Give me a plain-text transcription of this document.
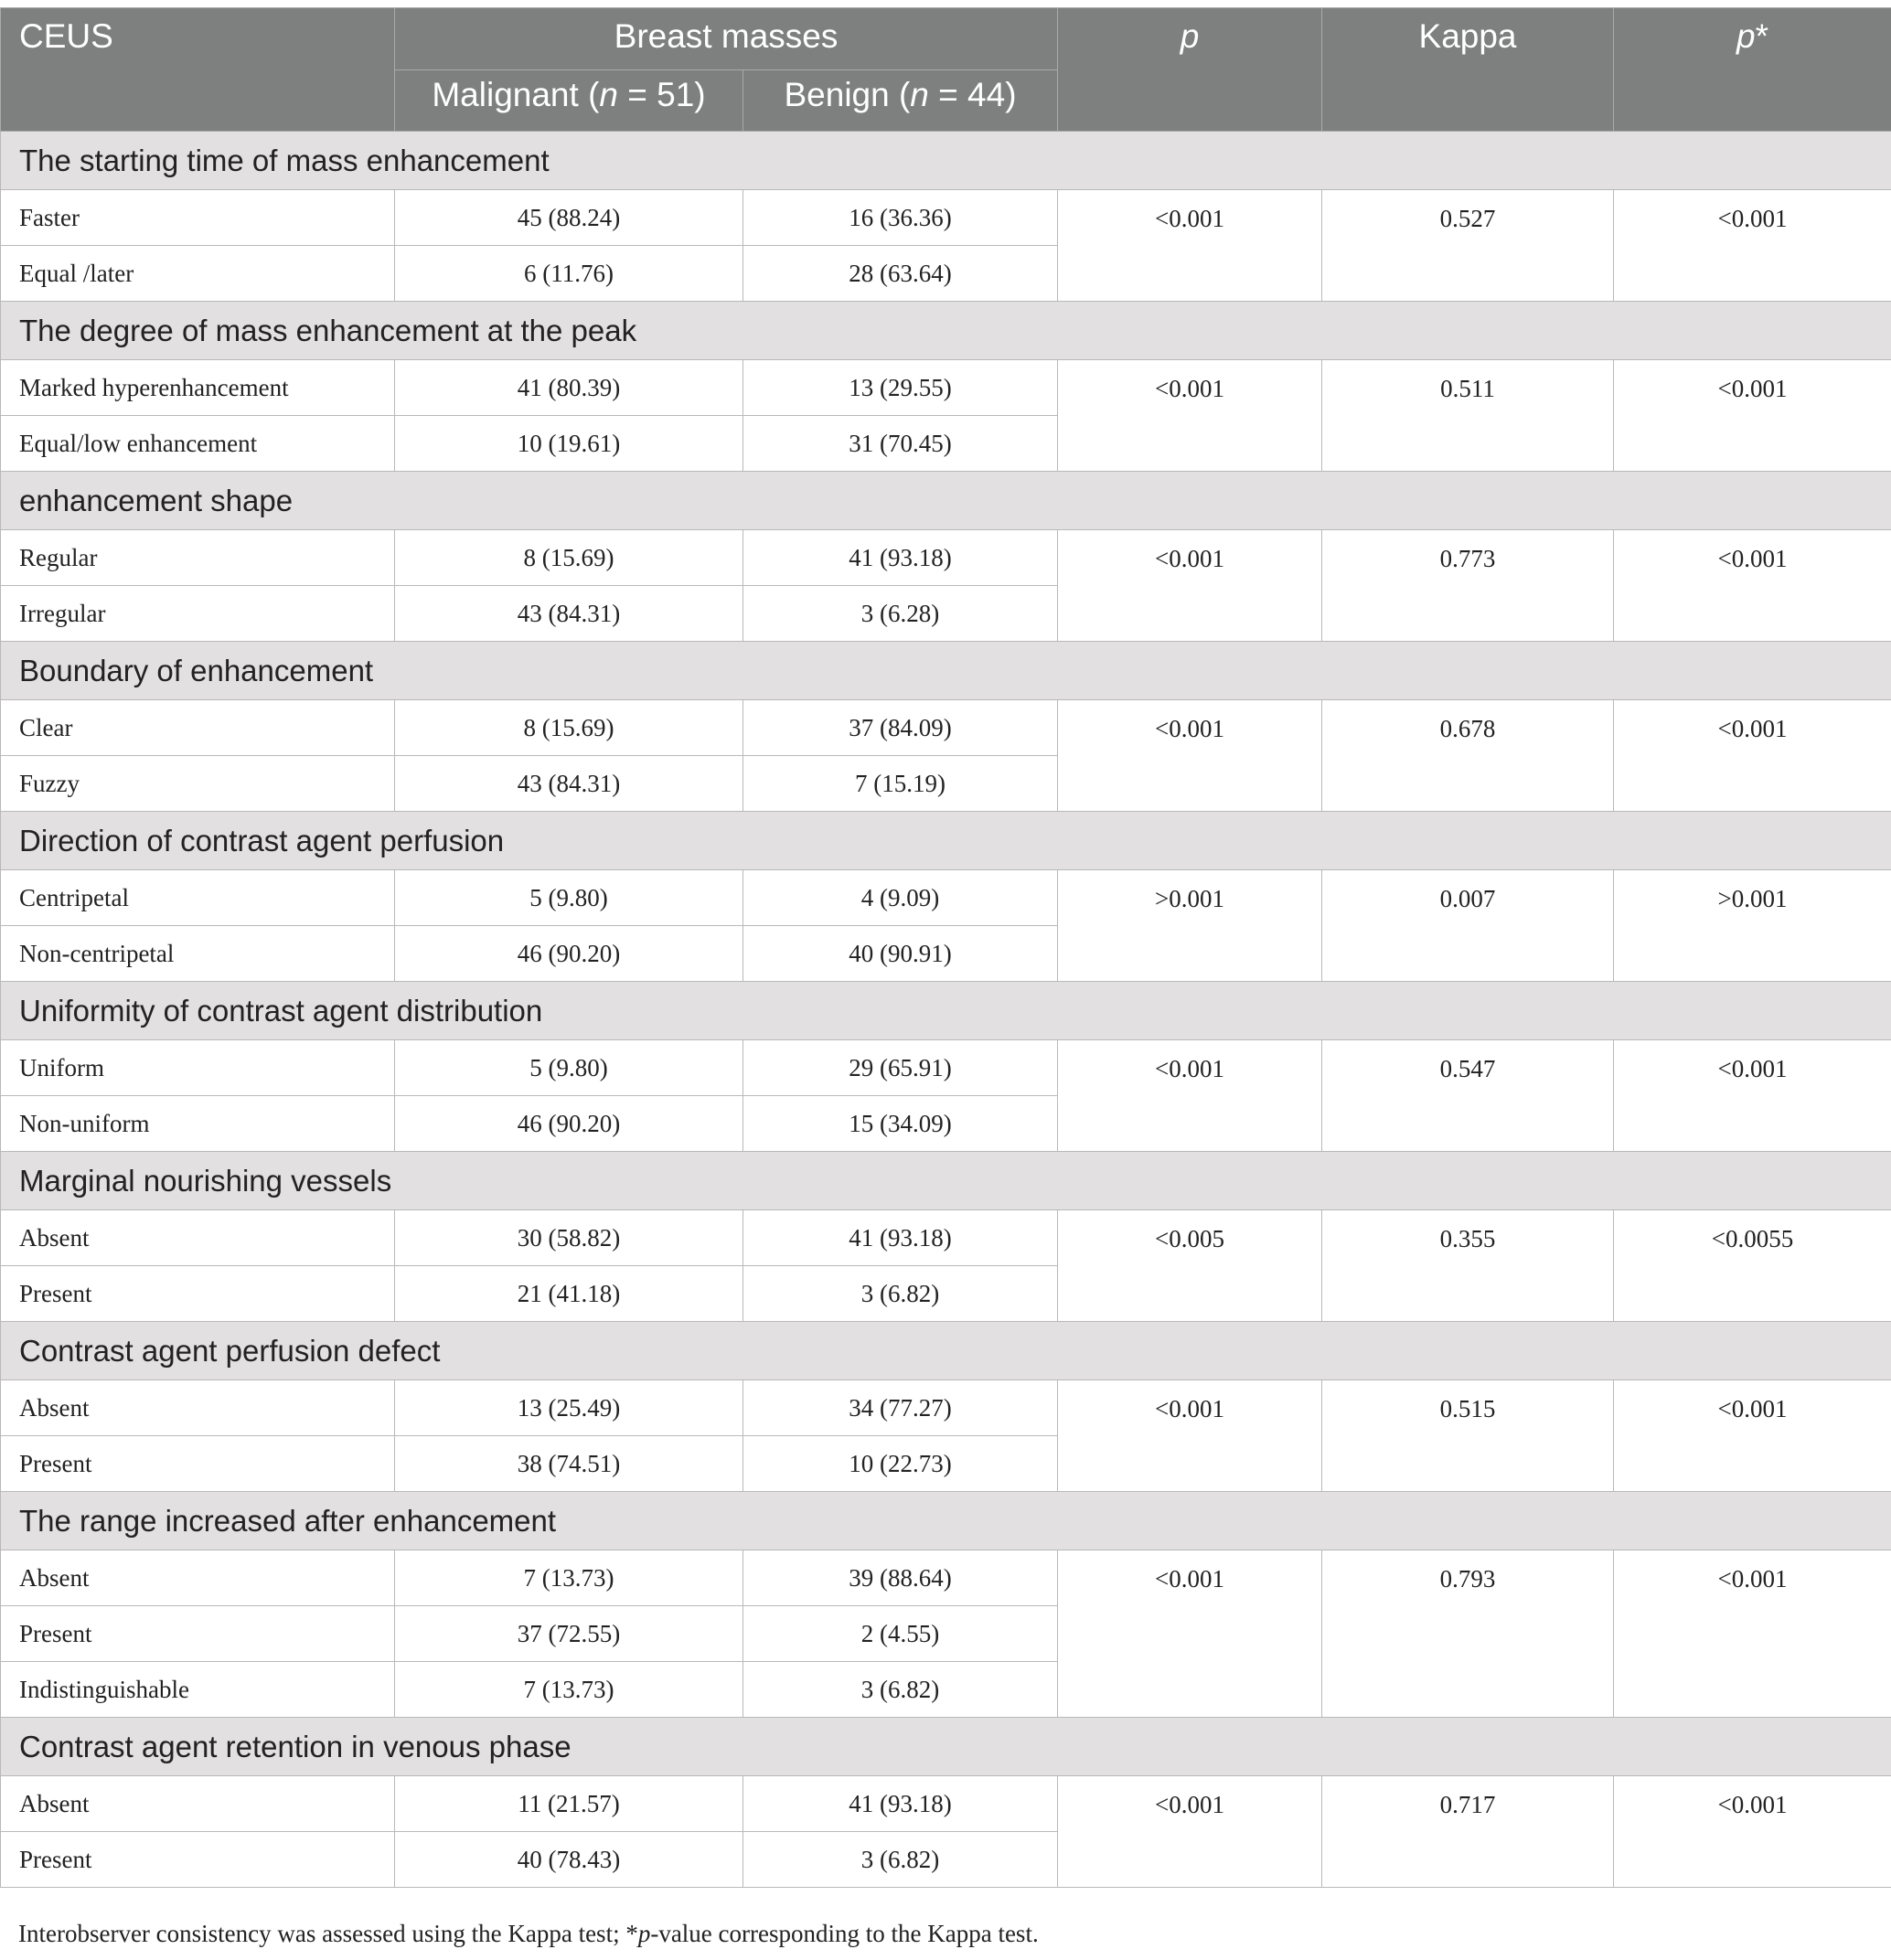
CEUS	Breast masses		p	Kappa	p*
	Malignant (n = 51)	Benign (n = 44)			
The starting time of mass enhancement					
Faster	45 (88.24)	16 (36.36)	<0.001	0.527	<0.001
Equal /later	6 (11.76)	28 (63.64)			
The degree of mass enhancement at the peak					
Marked hyperenhancement	41 (80.39)	13 (29.55)	<0.001	0.511	<0.001
Equal/low enhancement	10 (19.61)	31 (70.45)			
enhancement shape					
Regular	8 (15.69)	41 (93.18)	<0.001	0.773	<0.001
Irregular	43 (84.31)	3 (6.28)			
Boundary of enhancement					
Clear	8 (15.69)	37 (84.09)	<0.001	0.678	<0.001
Fuzzy	43 (84.31)	7 (15.19)			
Direction of contrast agent perfusion					
Centripetal	5 (9.80)	4 (9.09)	>0.001	0.007	>0.001
Non-centripetal	46 (90.20)	40 (90.91)			
Uniformity of contrast agent distribution					
Uniform	5 (9.80)	29 (65.91)	<0.001	0.547	<0.001
Non-uniform	46 (90.20)	15 (34.09)			
Marginal nourishing vessels					
Absent	30 (58.82)	41 (93.18)	<0.005	0.355	<0.0055
Present	21 (41.18)	3 (6.82)			
Contrast agent perfusion defect					
Absent	13 (25.49)	34 (77.27)	<0.001	0.515	<0.001
Present	38 (74.51)	10 (22.73)			
The range increased after enhancement					
Absent	7 (13.73)	39 (88.64)	<0.001	0.793	<0.001
Present	37 (72.55)	2 (4.55)			
Indistinguishable	7 (13.73)	3 (6.82)			
Contrast agent retention in venous phase					
Absent	11 (21.57)	41 (93.18)	<0.001	0.717	<0.001
Present	40 (78.43)	3 (6.82)			
Interobserver consistency was assessed using the Kappa test; *p-value corresponding to the Kappa test.
